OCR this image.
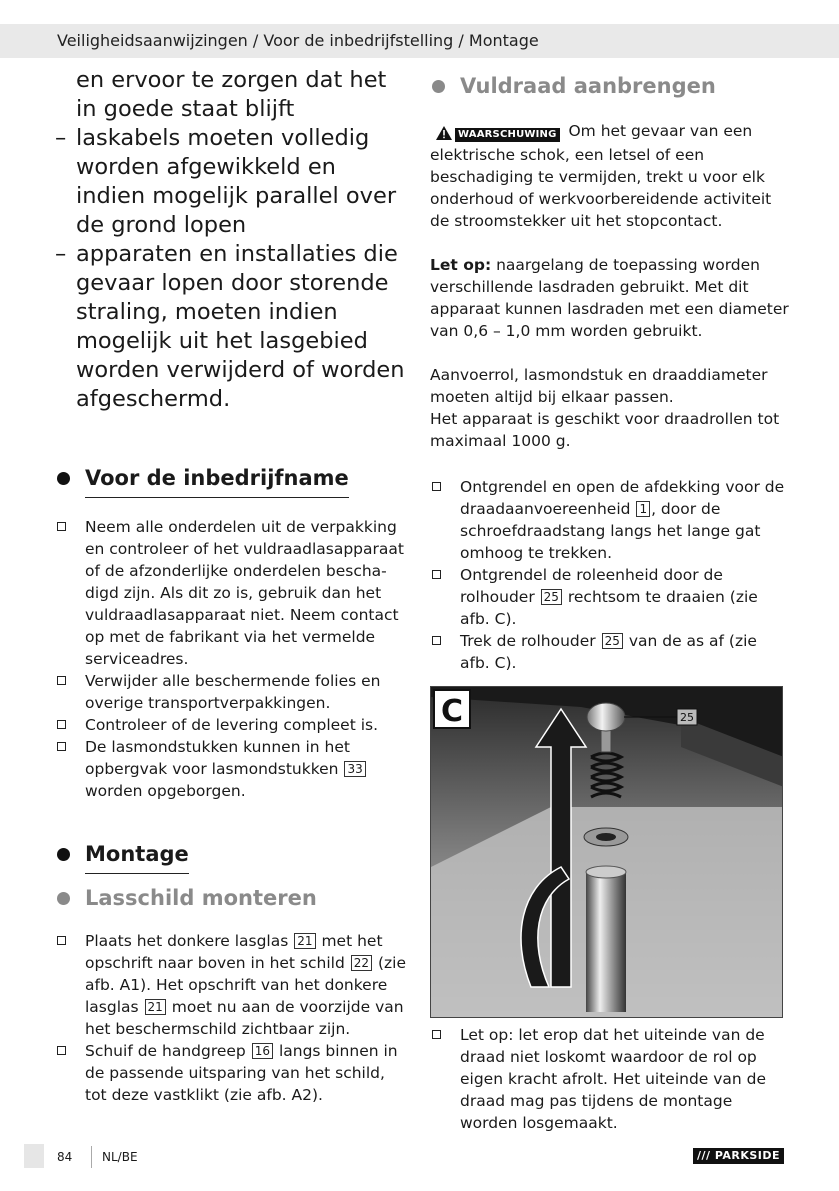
Veiligheidsaanwijzingen / Voor de inbedrijfstelling / Montage
en ervoor te zorgen dat het in goede staat blijft
– laskabels moeten volledig worden afgewikkeld en indien mogelijk parallel over de grond lopen
– apparaten en installaties die gevaar lopen door storende straling, moeten indien mogelijk uit het lasgebied worden verwijderd of worden afgeschermd.
Voor de inbedrijfname
Neem alle onderdelen uit de verpakking en controleer of het vuldraadlasapparaat of de afzonderlijke onderdelen bescha-digd zijn. Als dit zo is, gebruik dan het vuldraadlasapparaat niet. Neem contact op met de fabrikant via het vermelde serviceadres.
Verwijder alle beschermende folies en overige transportverpakkingen.
Controleer of de levering compleet is.
De lasmondstukken kunnen in het opbergvak voor lasmondstukken 33 worden opgeborgen.
Montage
Lasschild monteren
Plaats het donkere lasglas 21 met het opschrift naar boven in het schild 22 (zie afb. A1). Het opschrift van het donkere lasglas 21 moet nu aan de voorzijde van het beschermschild zichtbaar zijn.
Schuif de handgreep 16 langs binnen in de passende uitsparing van het schild, tot deze vastklikt (zie afb. A2).
Vuldraad aanbrengen
WAARSCHUWING Om het gevaar van een elektrische schok, een letsel of een beschadiging te vermijden, trekt u voor elk onderhoud of werkvoorbereidende activiteit de stroomstekker uit het stopcontact.
Let op: naargelang de toepassing worden verschillende lasdraden gebruikt. Met dit apparaat kunnen lasdraden met een diameter van 0,6 – 1,0 mm worden gebruikt.
Aanvoerrol, lasmondstuk en draaddiameter moeten altijd bij elkaar passen.
Het apparaat is geschikt voor draadrollen tot maximaal 1000 g.
Ontgrendel en open de afdekking voor de draadaanvoereenheid 1 , door de schroefdraadstang langs het lange gat omhoog te trekken.
Ontgrendel de roleenheid door de rolhouder 25 rechtsom te draaien (zie afb. C).
Trek de rolhouder 25 van de as af (zie afb. C).
25
C
Let op: let erop dat het uiteinde van de draad niet loskomt waardoor de rol op eigen kracht afrolt. Het uiteinde van de draad mag pas tijdens de montage worden losgemaakt.
84 NL/BE	/// PARKSIDE
